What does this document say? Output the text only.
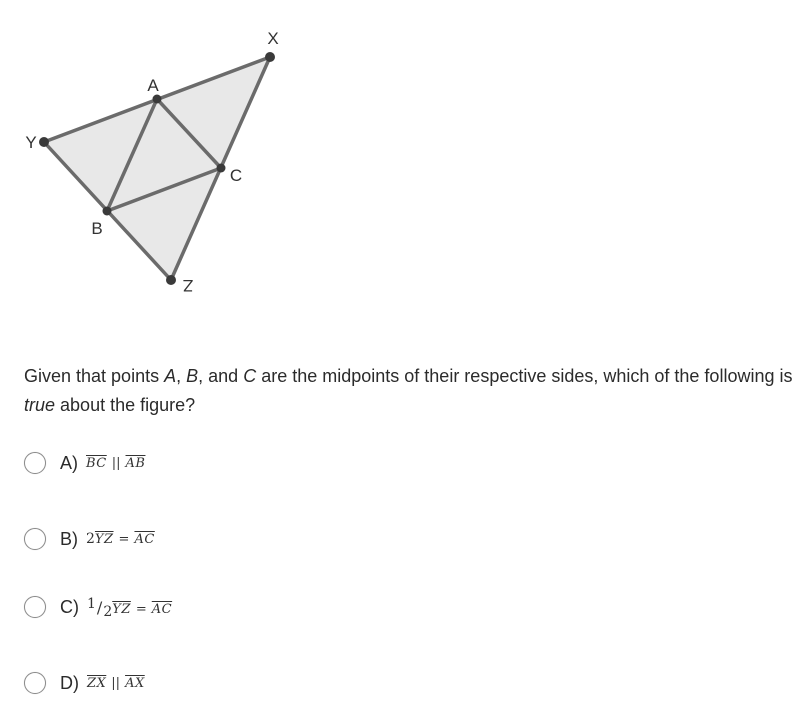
X
Y
Z
A
B
C
Given that points A, B, and C are the midpoints of their respective sides, which of the following is true about the figure?
A) $\overline{BC}$ || $\overline{AB}$
B) 2 $\overline{YZ} = \overline{AC}$
C) 1 / 2 $\overline{YZ} = \overline{AC}$
D) $\overline{ZX}$ || $\overline{AX}$
